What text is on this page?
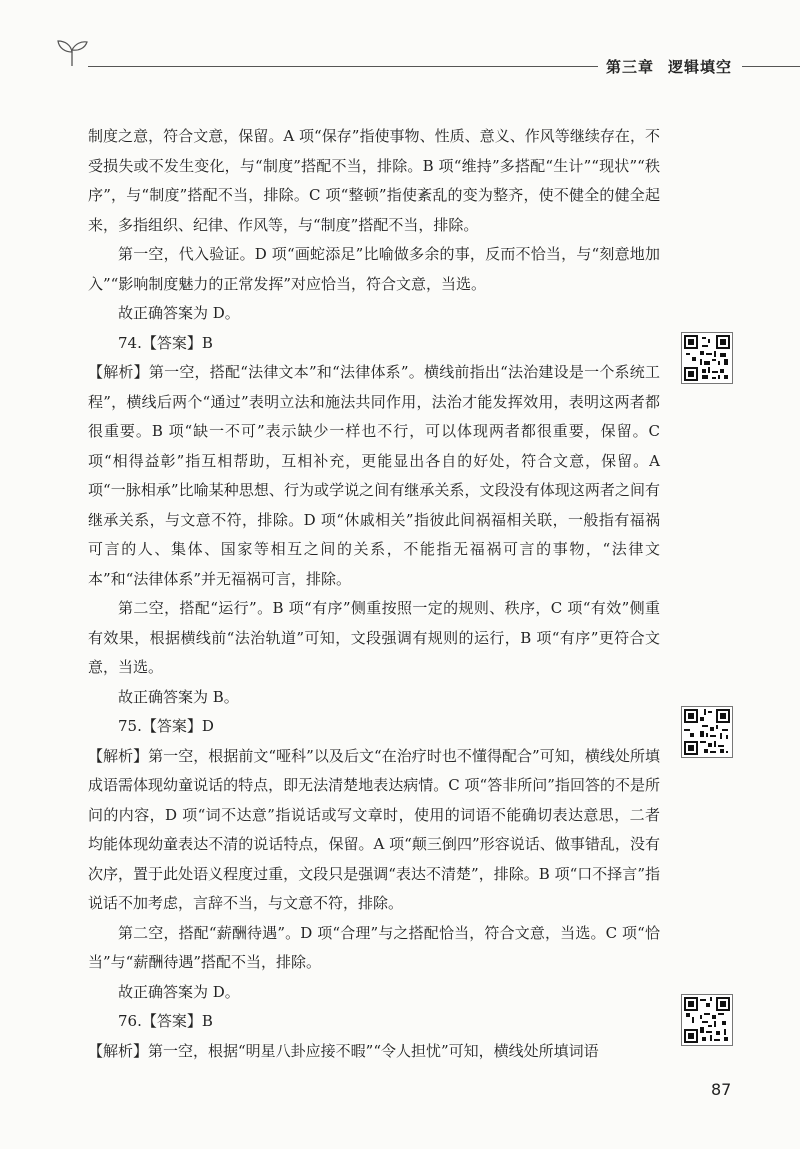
第三章 逻辑填空

制度之意，符合文意，保留。A 项“保存”指使事物、性质、意义、作风等继续存在，不受损失或不发生变化，与“制度”搭配不当，排除。B 项“维持”多搭配“生计”“现状”“秩序”，与“制度”搭配不当，排除。C 项“整顿”指使紊乱的变为整齐，使不健全的健全起来，多指组织、纪律、作风等，与“制度”搭配不当，排除。

第一空，代入验证。D 项“画蛇添足”比喻做多余的事，反而不恰当，与“刻意地加入”“影响制度魅力的正常发挥”对应恰当，符合文意，当选。

故正确答案为 D。

74.【答案】B

【解析】第一空，搭配“法律文本”和“法律体系”。横线前指出“法治建设是一个系统工程”，横线后两个“通过”表明立法和施法共同作用，法治才能发挥效用，表明这两者都很重要。B 项“缺一不可”表示缺少一样也不行，可以体现两者都很重要，保留。C 项“相得益彰”指互相帮助，互相补充，更能显出各自的好处，符合文意，保留。A 项“一脉相承”比喻某种思想、行为或学说之间有继承关系，文段没有体现这两者之间有继承关系，与文意不符，排除。D 项“休戚相关”指彼此间祸福相关联，一般指有福祸可言的人、集体、国家等相互之间的关系，不能指无福祸可言的事物，“法律文本”和“法律体系”并无福祸可言，排除。

第二空，搭配“运行”。B 项“有序”侧重按照一定的规则、秩序，C 项“有效”侧重有效果，根据横线前“法治轨道”可知，文段强调有规则的运行，B 项“有序”更符合文意，当选。

故正确答案为 B。

75.【答案】D

【解析】第一空，根据前文“哑科”以及后文“在治疗时也不懂得配合”可知，横线处所填成语需体现幼童说话的特点，即无法清楚地表达病情。C 项“答非所问”指回答的不是所问的内容，D 项“词不达意”指说话或写文章时，使用的词语不能确切表达意思，二者均能体现幼童表达不清的说话特点，保留。A 项“颠三倒四”形容说话、做事错乱，没有次序，置于此处语义程度过重，文段只是强调“表达不清楚”，排除。B 项“口不择言”指说话不加考虑，言辞不当，与文意不符，排除。

第二空，搭配“薪酬待遇”。D 项“合理”与之搭配恰当，符合文意，当选。C 项“恰当”与“薪酬待遇”搭配不当，排除。

故正确答案为 D。

76.【答案】B

【解析】第一空，根据“明星八卦应接不暇”“令人担忧”可知，横线处所填词语

87
